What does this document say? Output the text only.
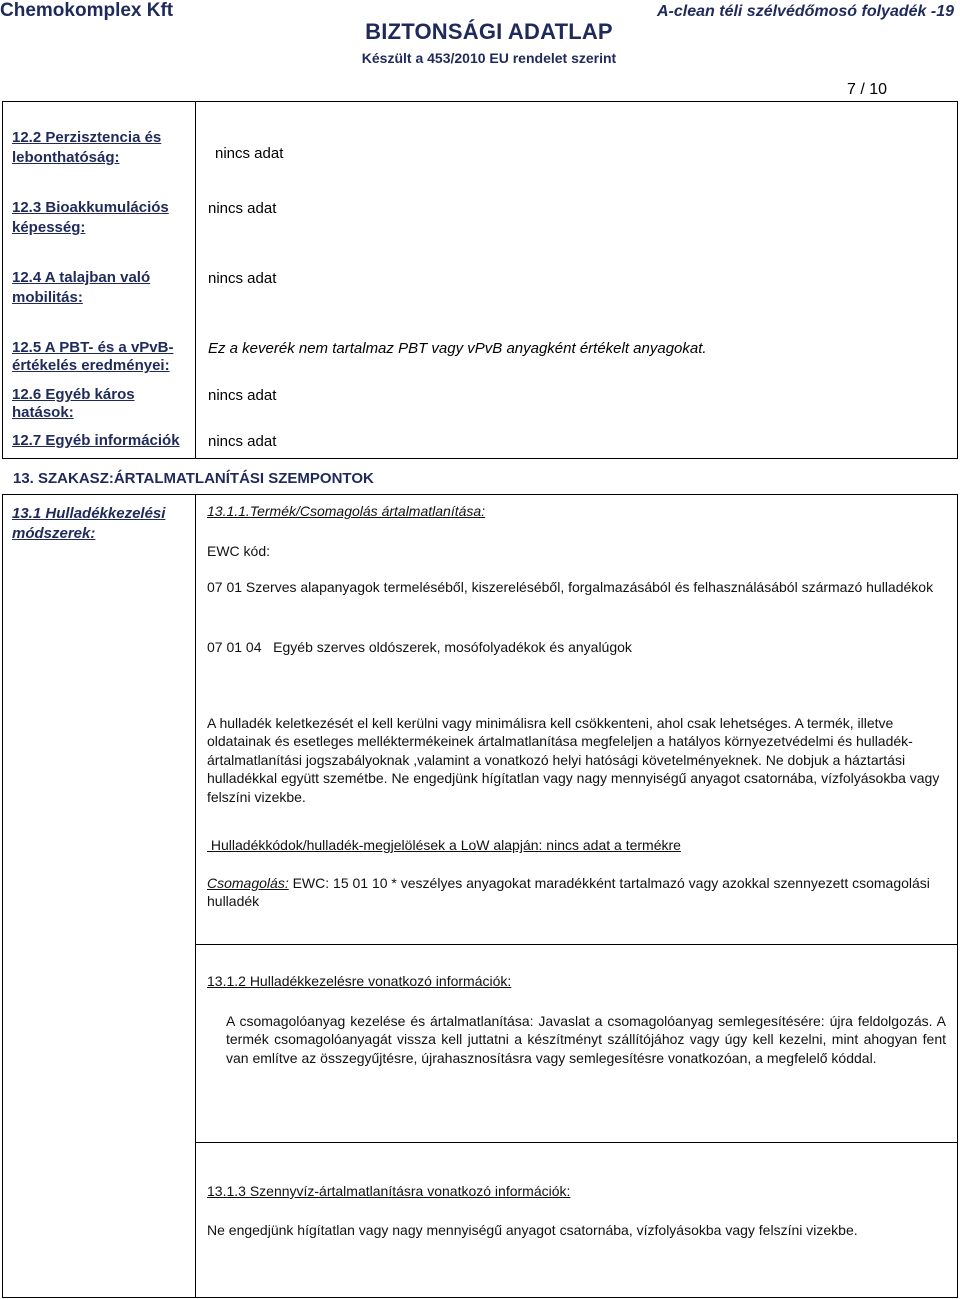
Chemokomplex Kft
BIZTONSÁGI ADATLAP
Készült a 453/2010 EU rendelet szerint
A-clean téli szélvédőmosó folyadék -19
7 / 10
12.2 Perzisztencia és lebonthatóság:	nincs adat
12.3 Bioakkumulációs képesség:
nincs adat
12.4 A talajban való mobilitás:
nincs adat
12.5 A PBT- és a vPvB-értékelés eredményei:
Ez a keverék nem tartalmaz PBT vagy vPvB anyagként értékelt anyagokat.
12.6 Egyéb káros hatások:
nincs adat
12.7 Egyéb információk	nincs adat
13. SZAKASZ:ÁRTALMATLANÍTÁSI SZEMPONTOK
13.1 Hulladékkezelési módszerek:
13.1.1.Termék/Csomagolás ártalmatlanítása:
EWC kód:
07 01 Szerves alapanyagok termeléséből, kiszereléséből, forgalmazásából és felhasználásából származó hulladékok
07 01 04   Egyéb szerves oldószerek, mosófolyadékok és anyalúgok
A hulladék keletkezését el kell kerülni vagy minimálisra kell csökkenteni, ahol csak lehetséges. A termék, illetve oldatainak és esetleges melléktermékeinek ártalmatlanítása megfeleljen a hatályos környezetvédelmi és hulladék-ártalmatlanítási jogszabályoknak ,valamint a vonatkozó helyi hatósági követelményeknek. Ne dobjuk a háztartási hulladékkal együtt szemétbe. Ne engedjünk hígítatlan vagy nagy mennyiségű anyagot csatornába, vízfolyásokba vagy felszíni vizekbe.
Hulladékkódok/hulladék-megjelölések a LoW alapján: nincs adat a termékre
Csomagolás: EWC: 15 01 10 * veszélyes anyagokat maradékként tartalmazó vagy azokkal szennyezett csomagolási hulladék
13.1.2 Hulladékkezelésre vonatkozó információk:
A csomagolóanyag kezelése és ártalmatlanítása: Javaslat a csomagolóanyag semlegesítésére: újra feldolgozás. A termék csomagolóanyagát vissza kell juttatni a készítményt szállítójához vagy úgy kell kezelni, mint ahogyan fent van említve az összegyűjtésre, újrahasznosításra vagy semlegesítésre vonatkozóan, a megfelelő kóddal.
13.1.3 Szennyvíz-ártalmatlanításra vonatkozó információk:
Ne engedjünk hígítatlan vagy nagy mennyiségű anyagot csatornába, vízfolyásokba vagy felszíni vizekbe.
